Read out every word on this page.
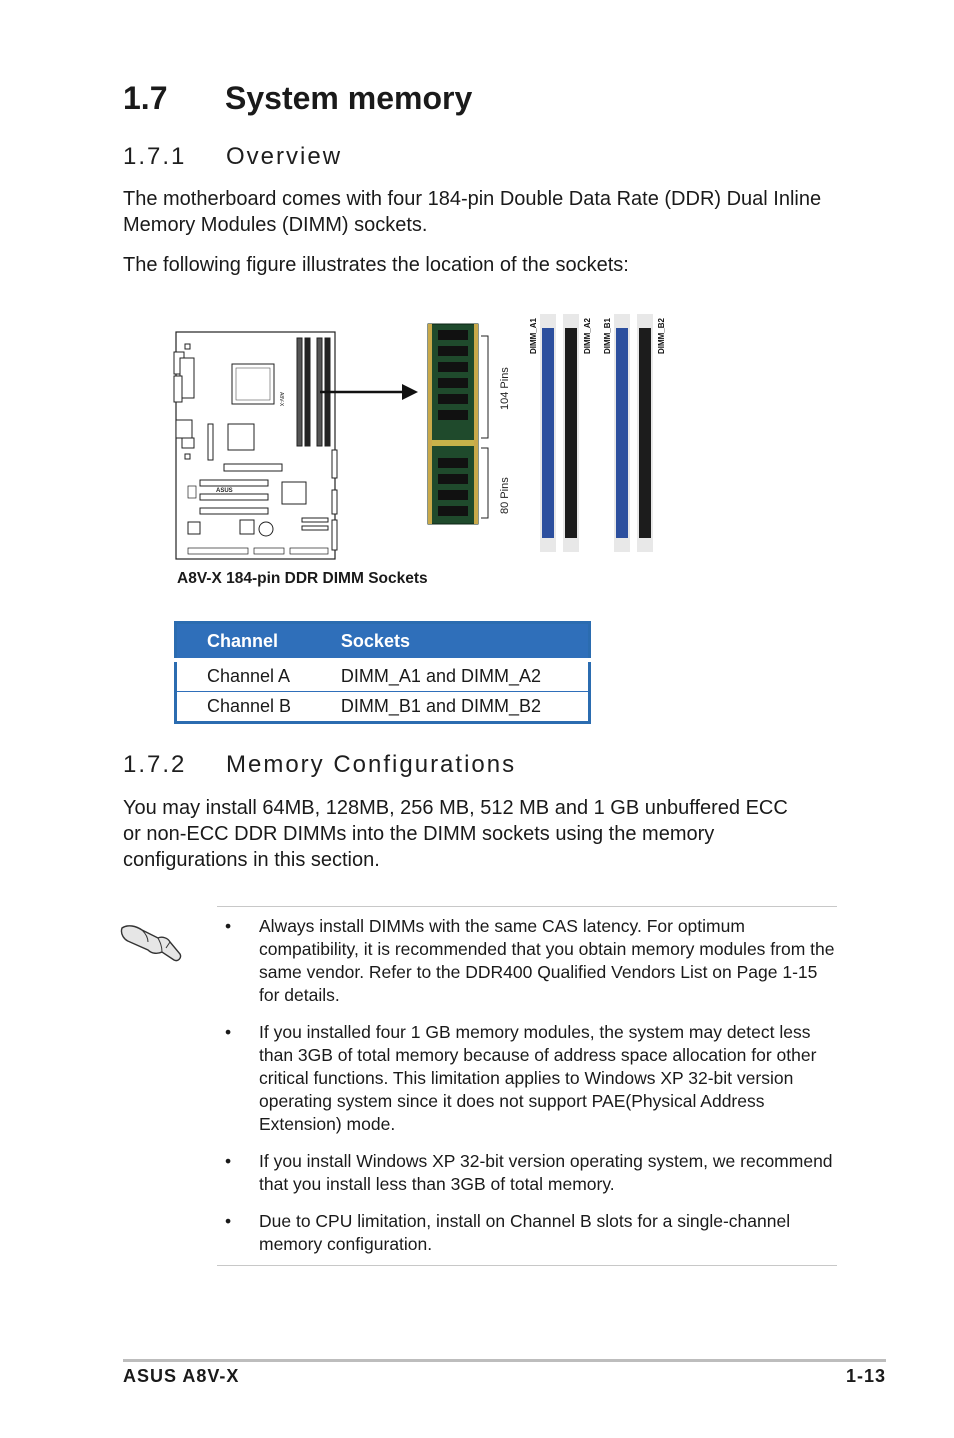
1.7 System memory
1.7.1 Overview
The motherboard comes with four 184-pin Double Data Rate (DDR) Dual Inline Memory Modules (DIMM) sockets.
The following figure illustrates the location of the sockets:
A8V-X
ASUS
104 Pins
80 Pins
DIMM_A1	DIMM_A2 DIMM_B1	DIMM_B2
A8V-X 184-pin DDR DIMM Sockets
Channel	Sockets
Channel A	DIMM_A1 and DIMM_A2
Channel B	DIMM_B1 and DIMM_B2
1.7.2 Memory Configurations
You may install 64MB, 128MB, 256 MB, 512 MB and 1 GB unbuffered ECC or non-ECC DDR DIMMs into the DIMM sockets using the memory configurations in this section.
• Always install DIMMs with the same CAS latency. For optimum compatibility, it is recommended that you obtain memory modules from the same vendor. Refer to the DDR400 Qualified Vendors List on Page 1-15 for details.
• If you installed four 1 GB memory modules, the system may detect less than 3GB of total memory because of address space allocation for other critical functions. This limitation applies to Windows XP 32-bit version operating system since it does not support PAE(Physical Address Extension) mode.
• If you install Windows XP 32-bit version operating system, we recommend that you install less than 3GB of total memory.
• Due to CPU limitation, install on Channel B slots for a single-channel memory configuration.
ASUS A8V-X	1-13
